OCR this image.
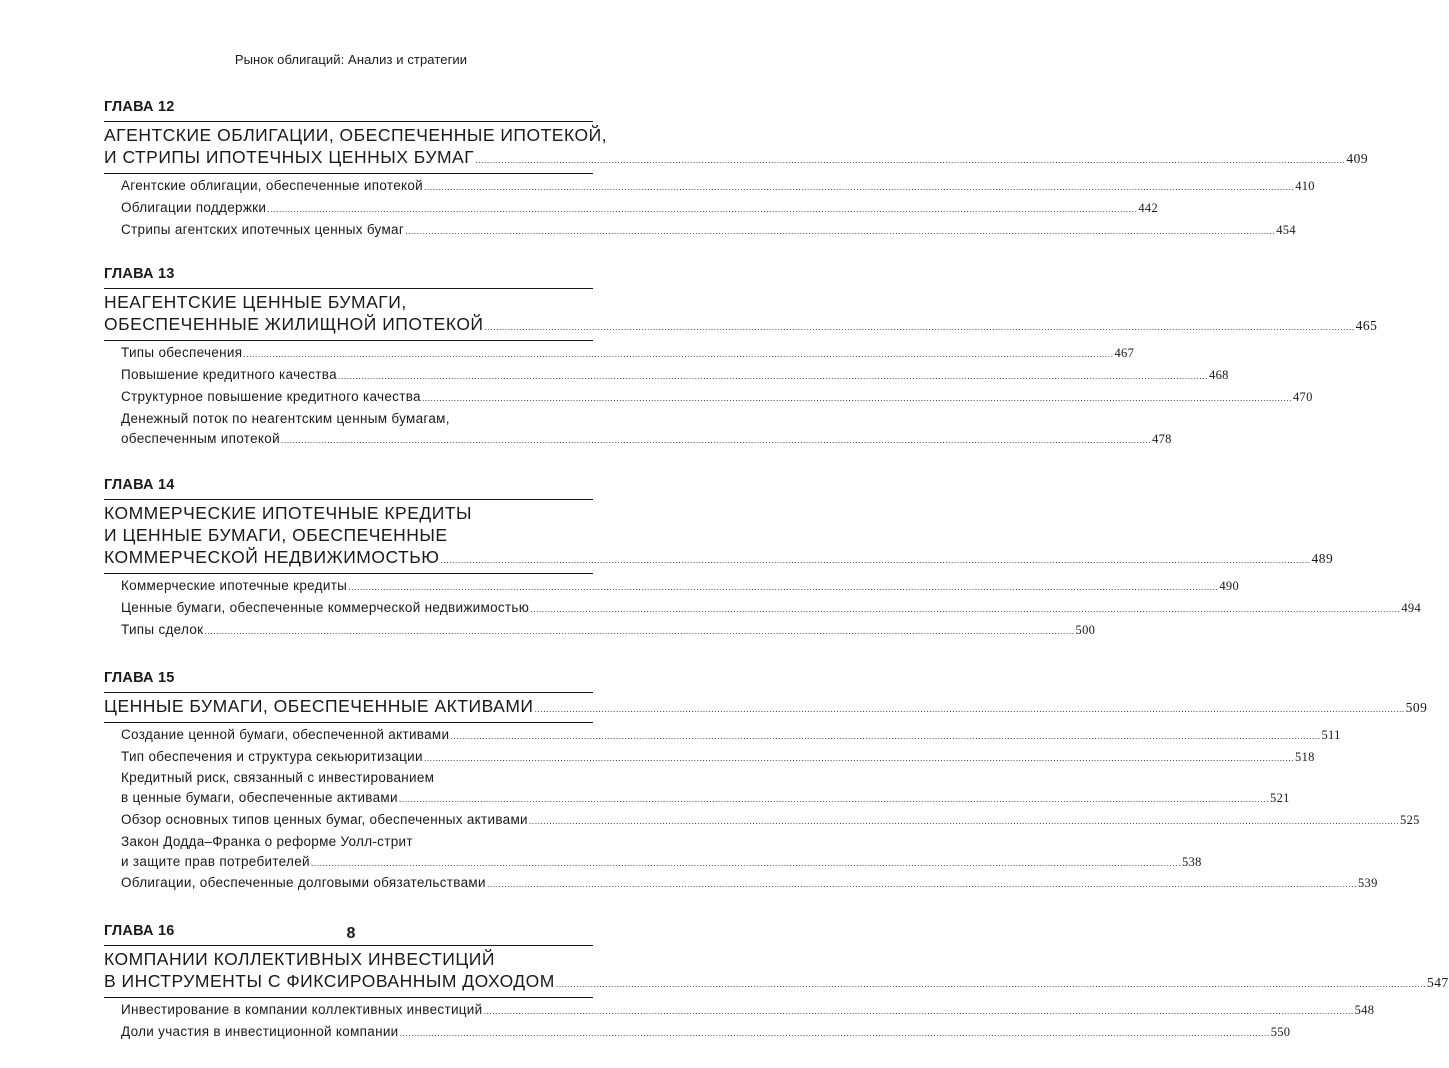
Рынок облигаций: Анализ и стратегии
ГЛАВА 12
АГЕНТСКИЕ ОБЛИГАЦИИ, ОБЕСПЕЧЕННЫЕ ИПОТЕКОЙ,
И СТРИПЫ ИПОТЕЧНЫХ ЦЕННЫХ БУМАГ ............................................................................................................................................................................................................................................................................................................ 409
Агентские облигации, обеспеченные ипотекой ............................................................................................................................................................................................................................................................................................................ 410
Облигации поддержки ............................................................................................................................................................................................................................................................................................................ 442
Стрипы агентских ипотечных ценных бумаг ............................................................................................................................................................................................................................................................................................................ 454
ГЛАВА 13
НЕАГЕНТСКИЕ ЦЕННЫЕ БУМАГИ,
ОБЕСПЕЧЕННЫЕ ЖИЛИЩНОЙ ИПОТЕКОЙ ............................................................................................................................................................................................................................................................................................................ 465
Типы обеспечения ............................................................................................................................................................................................................................................................................................................ 467
Повышение кредитного качества ............................................................................................................................................................................................................................................................................................................ 468
Структурное повышение кредитного качества ............................................................................................................................................................................................................................................................................................................ 470
Денежный поток по неагентским ценным бумагам,
обеспеченным ипотекой ............................................................................................................................................................................................................................................................................................................ 478
ГЛАВА 14
КОММЕРЧЕСКИЕ ИПОТЕЧНЫЕ КРЕДИТЫ
И ЦЕННЫЕ БУМАГИ, ОБЕСПЕЧЕННЫЕ
КОММЕРЧЕСКОЙ НЕДВИЖИМОСТЬЮ ............................................................................................................................................................................................................................................................................................................ 489
Коммерческие ипотечные кредиты ............................................................................................................................................................................................................................................................................................................ 490
Ценные бумаги, обеспеченные коммерческой недвижимостью ............................................................................................................................................................................................................................................................................................................ 494
Типы сделок ............................................................................................................................................................................................................................................................................................................ 500
ГЛАВА 15
ЦЕННЫЕ БУМАГИ, ОБЕСПЕЧЕННЫЕ АКТИВАМИ ............................................................................................................................................................................................................................................................................................................ 509
Создание ценной бумаги, обеспеченной активами ............................................................................................................................................................................................................................................................................................................ 511
Тип обеспечения и структура секьюритизации ............................................................................................................................................................................................................................................................................................................ 518
Кредитный риск, связанный с инвестированием
в ценные бумаги, обеспеченные активами ............................................................................................................................................................................................................................................................................................................ 521
Обзор основных типов ценных бумаг, обеспеченных активами ............................................................................................................................................................................................................................................................................................................ 525
Закон Додда–Франка о реформе Уолл-стрит
и защите прав потребителей ............................................................................................................................................................................................................................................................................................................ 538
Облигации, обеспеченные долговыми обязательствами ............................................................................................................................................................................................................................................................................................................ 539
ГЛАВА 16
КОМПАНИИ КОЛЛЕКТИВНЫХ ИНВЕСТИЦИЙ
В ИНСТРУМЕНТЫ С ФИКСИРОВАННЫМ ДОХОДОМ ............................................................................................................................................................................................................................................................................................................ 547
Инвестирование в компании коллективных инвестиций ............................................................................................................................................................................................................................................................................................................ 548
Доли участия в инвестиционной компании ............................................................................................................................................................................................................................................................................................................ 550
8
